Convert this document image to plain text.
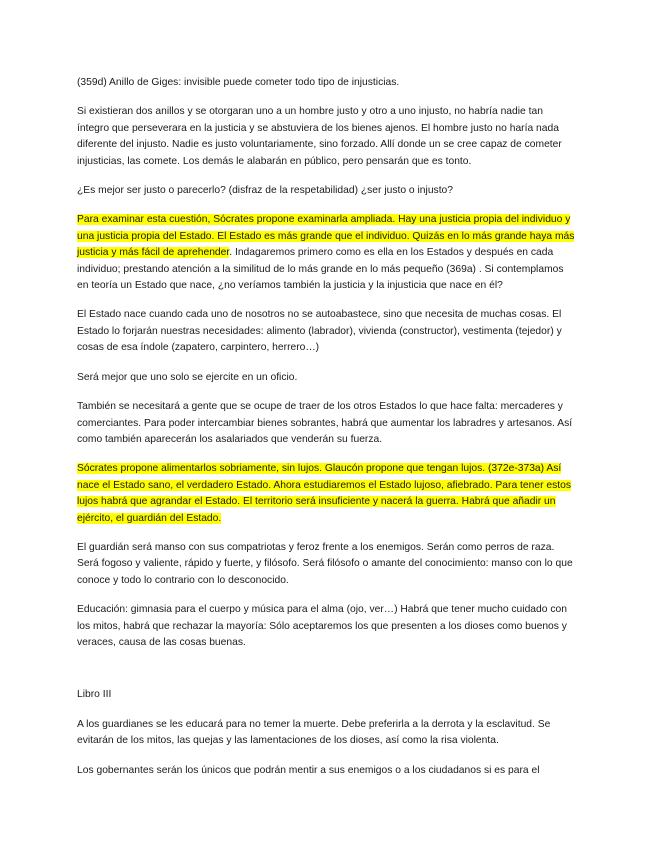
(359d) Anillo de Giges: invisible puede cometer todo tipo de injusticias.

Si existieran dos anillos y se otorgaran uno a un hombre justo y otro a uno injusto, no habría nadie tan íntegro que perseverara en la justicia y se abstuviera de los bienes ajenos. El hombre justo no haría nada diferente del injusto. Nadie es justo voluntariamente, sino forzado. Allí donde un se cree capaz de cometer injusticias, las comete. Los demás le alabarán en público, pero pensarán que es tonto.

¿Es mejor ser justo o parecerlo? (disfraz de la respetabilidad) ¿ser justo o injusto?

Para examinar esta cuestión, Sócrates propone examinarla ampliada. Hay una justicia propia del individuo y una justicia propia del Estado. El Estado es más grande que el individuo. Quizás en lo más grande haya más justicia y más fácil de aprehender. Indagaremos primero como es ella en los Estados y después en cada individuo; prestando atención a la similitud de lo más grande en lo más pequeño (369a) . Si contemplamos en teoría un Estado que nace, ¿no veríamos también la justicia y la injusticia que nace en él?

El Estado nace cuando cada uno de nosotros no se autoabastece, sino que necesita de muchas cosas. El Estado lo forjarán nuestras necesidades: alimento (labrador), vivienda (constructor), vestimenta (tejedor) y cosas de esa índole (zapatero, carpintero, herrero…)

Será mejor que uno solo se ejercite en un oficio.

También se necesitará a gente que se ocupe de traer de los otros Estados lo que hace falta: mercaderes y comerciantes. Para poder intercambiar bienes sobrantes, habrá que aumentar los labradres y artesanos. Así como también aparecerán los asalariados que venderán su fuerza.

Sócrates propone alimentarlos sobriamente, sin lujos. Glaucón propone que tengan lujos. (372e-373a) Así nace el Estado sano, el verdadero Estado. Ahora estudiaremos el Estado lujoso, afiebrado. Para tener estos lujos habrá que agrandar el Estado. El territorio será insuficiente y nacerá la guerra. Habrá que añadir un ejército, el guardián del Estado.

El guardián será manso con sus compatriotas y feroz frente a los enemigos. Serán como perros de raza. Será fogoso y valiente, rápido y fuerte, y filósofo. Será filósofo o amante del conocimiento: manso con lo que conoce y todo lo contrario con lo desconocido.

Educación: gimnasia para el cuerpo y música para el alma (ojo, ver…) Habrá que tener mucho cuidado con los mitos, habrá que rechazar la mayoría: Sólo aceptaremos los que presenten a los dioses como buenos y veraces, causa de las cosas buenas.

Libro III

A los guardianes se les educará para no temer la muerte. Debe preferirla a la derrota y la esclavitud. Se evitarán de los mitos, las quejas y las lamentaciones de los dioses, así como la risa violenta.

Los gobernantes serán los únicos que podrán mentir a sus enemigos o a los ciudadanos si es para el
